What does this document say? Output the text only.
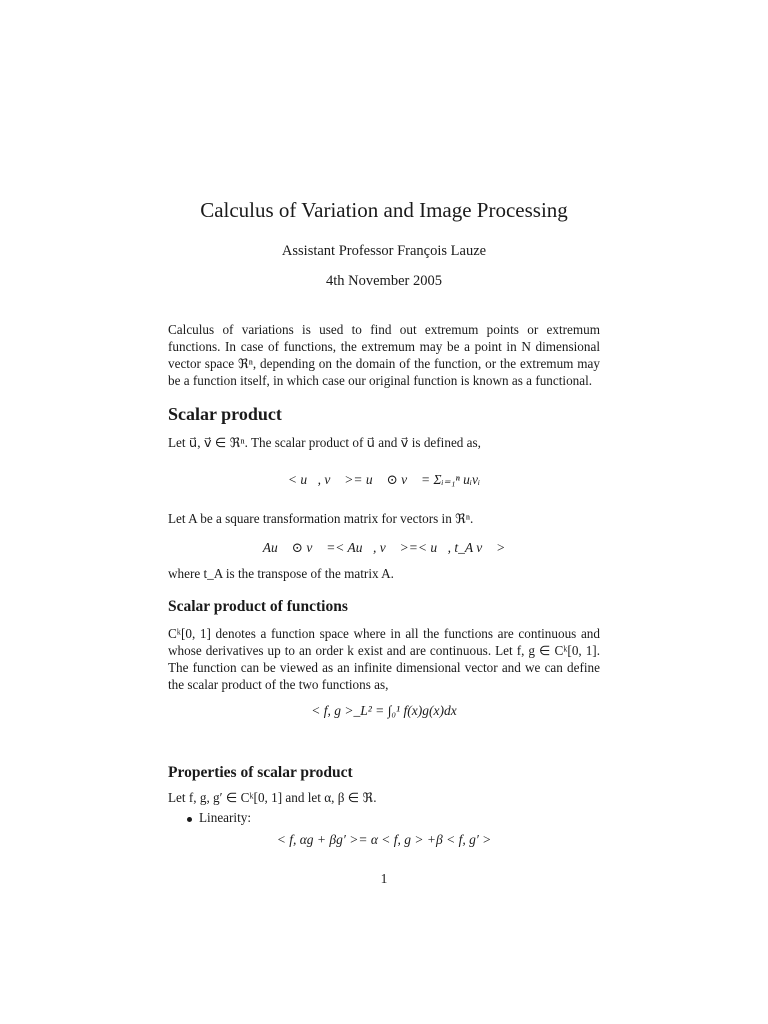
Calculus of Variation and Image Processing
Assistant Professor François Lauze
4th November 2005
Calculus of variations is used to find out extremum points or extremum functions. In case of functions, the extremum may be a point in N dimensional vector space ℜⁿ, depending on the domain of the function, or the extremum may be a function itself, in which case our original function is known as a functional.
Scalar product
Let u⃗, v⃗ ∈ ℜⁿ. The scalar product of u⃗ and v⃗ is defined as,
< u⃗, v⃗ >= u⃗ ⊙ v⃗ = Σᵢ₌₁ⁿ uᵢvᵢ
Let A be a square transformation matrix for vectors in ℜⁿ.
Au⃗ ⊙ v⃗ =< Au⃗, v⃗ >=< u⃗, t_A v⃗ >
where t_A is the transpose of the matrix A.
Scalar product of functions
Cᵏ[0, 1] denotes a function space where in all the functions are continuous and whose derivatives up to an order k exist and are continuous. Let f, g ∈ Cᵏ[0, 1]. The function can be viewed as an infinite dimensional vector and we can define the scalar product of the two functions as,
< f, g >_L² = ∫₀¹ f(x)g(x)dx
Properties of scalar product
Let f, g, g′ ∈ Cᵏ[0, 1] and let α, β ∈ ℜ.
Linearity:
< f, αg + βg′ >= α < f, g > +β < f, g′ >
1
